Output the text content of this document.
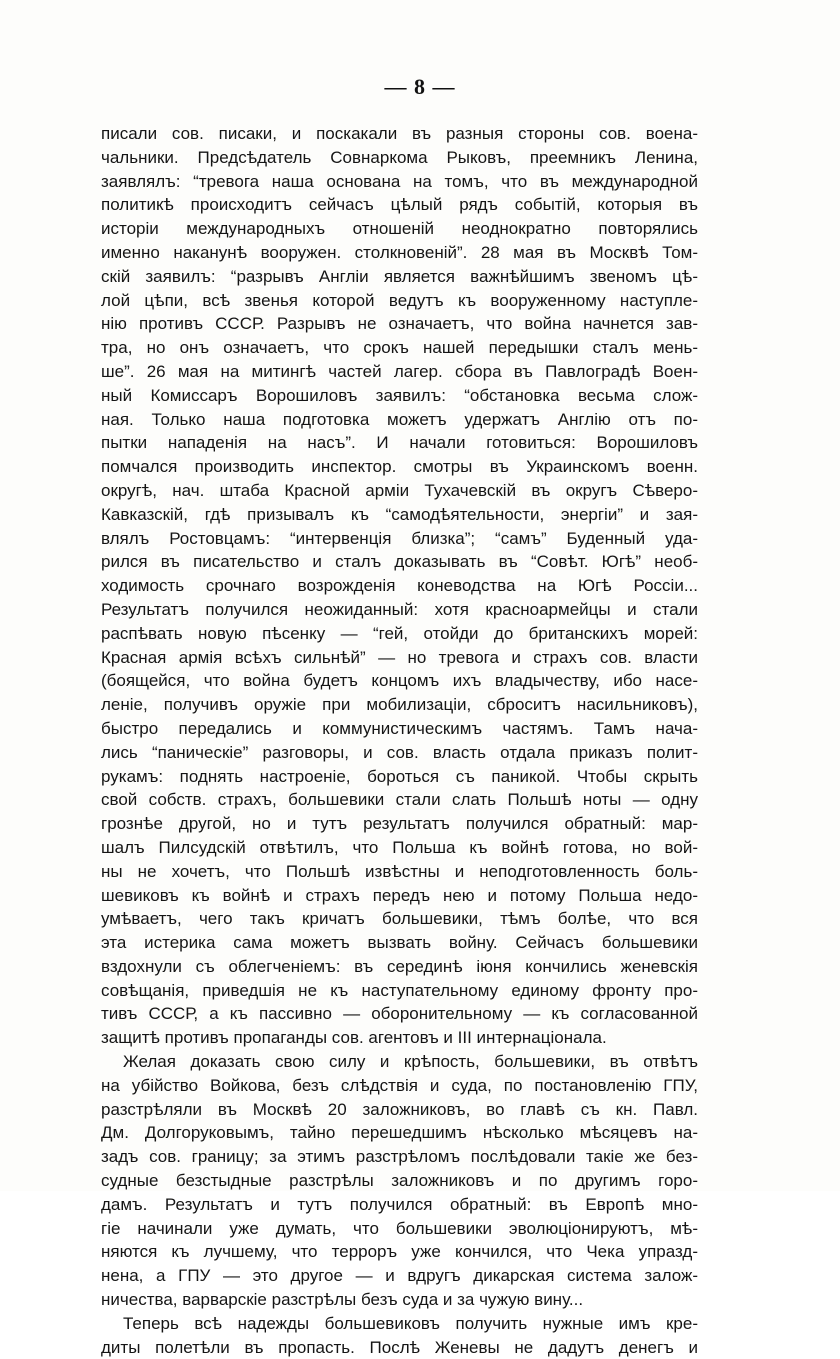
— 8 —
писали сов. писаки, и поскакали въ разныя стороны сов. военa-
чальники. Предсѣдатель Совнаркома Рыковъ, преемникъ Ленина,
заявлялъ: “тревога наша основана на томъ, что въ международной
политикѣ происходитъ сейчасъ цѣлый рядъ событій, которыя въ
исторіи международныхъ отношеній неоднократно повторялись
именно наканунѣ вооружен. столкновеній”. 28 мая въ Москвѣ Том-
скій заявилъ: “разрывъ Англіи является важнѣйшимъ звеномъ цѣ-
лой цѣпи, всѣ звенья которой ведутъ къ вооруженному наступле-
нію противъ СССР. Разрывъ не означаетъ, что война начнется зав-
тра, но онъ означаетъ, что срокъ нашей передышки сталъ мень-
ше”. 26 мая на митингѣ частей лагер. сбора въ Павлоградѣ Воен-
ный Комиссаръ Ворошиловъ заявилъ: “обстановка весьма слож-
ная. Только наша подготовка можетъ удержатъ Англію отъ по-
пытки нападенія на насъ”. И начали готовиться: Ворошиловъ
помчался производить инспектор. смотры въ Украинскомъ военн.
округѣ, нач. штаба Красной арміи Тухачевскій въ округъ Сѣверо-
Кавказскій, гдѣ призывалъ къ “самодѣятельности, энергіи” и зая-
влялъ Ростовцамъ: “интервенція близка”; “самъ” Буденный уда-
рился въ писательство и сталъ доказывать въ “Совѣт. Югѣ” необ-
ходимость срочнаго возрожденія коневодства на Югѣ Россіи...
Результатъ получился неожиданный: хотя красноармейцы и стали
распѣвать новую пѣсенку — “гей, отойди до британскихъ морей:
Красная армія всѣхъ сильнѣй” — но тревога и страхъ сов. власти
(боящейся, что война будетъ концомъ ихъ владычеству, ибо насе-
леніе, получивъ оружіе при мобилизаціи, сброситъ насильниковъ),
быстро передались и коммунистическимъ частямъ. Тамъ нача-
лись “паническіе” разговоры, и сов. власть отдала приказъ полит-
рукамъ: поднять настроеніе, бороться съ паникой. Чтобы скрыть
свой собств. страхъ, большевики стали слать Польшѣ ноты — одну
грознѣе другой, но и тутъ результатъ получился обратный: мар-
шалъ Пилсудскій отвѣтилъ, что Польша къ войнѣ готова, но вой-
ны не хочетъ, что Польшѣ извѣстны и неподготовленность боль-
шевиковъ къ войнѣ и страхъ передъ нею и потому Польша недо-
умѣваетъ, чего такъ кричатъ большевики, тѣмъ болѣе, что вся
эта истерика сама можетъ вызвать войну. Сейчасъ большевики
вздохнули съ облегченіемъ: въ серединѣ іюня кончились женевскія
совѣщанія, приведшія не къ наступательному единому фронту про-
тивъ СССР, а къ пассивно — оборонительному — къ согласованной
защитѣ противъ пропаганды сов. агентовъ и III интернаціонала.
Желая доказать свою силу и крѣпость, большевики, въ отвѣтъ
на убійство Войкова, безъ слѣдствія и суда, по постановленію ГПУ,
разстрѣляли въ Москвѣ 20 заложниковъ, во главѣ съ кн. Павл.
Дм. Долгоруковымъ, тайно перешедшимъ нѣсколько мѣсяцевъ на-
задъ сов. границу; за этимъ разстрѣломъ послѣдовали такіе же без-
судные безстыдные разстрѣлы заложниковъ и по другимъ горо-
дамъ. Результатъ и тутъ получился обратный: въ Европѣ мно-
гіе начинали уже думать, что большевики эволюціонируютъ, мѣ-
няются къ лучшему, что терроръ уже кончился, что Чека упразд-
нена, а ГПУ — это другое — и вдругъ дикарская система залож-
ничества, варварскіе разстрѣлы безъ суда и за чужую вину...
Теперь всѣ надежды большевиковъ получить нужные имъ кре-
диты полетѣли въ пропасть. Послѣ Женевы не дадутъ денегъ и
